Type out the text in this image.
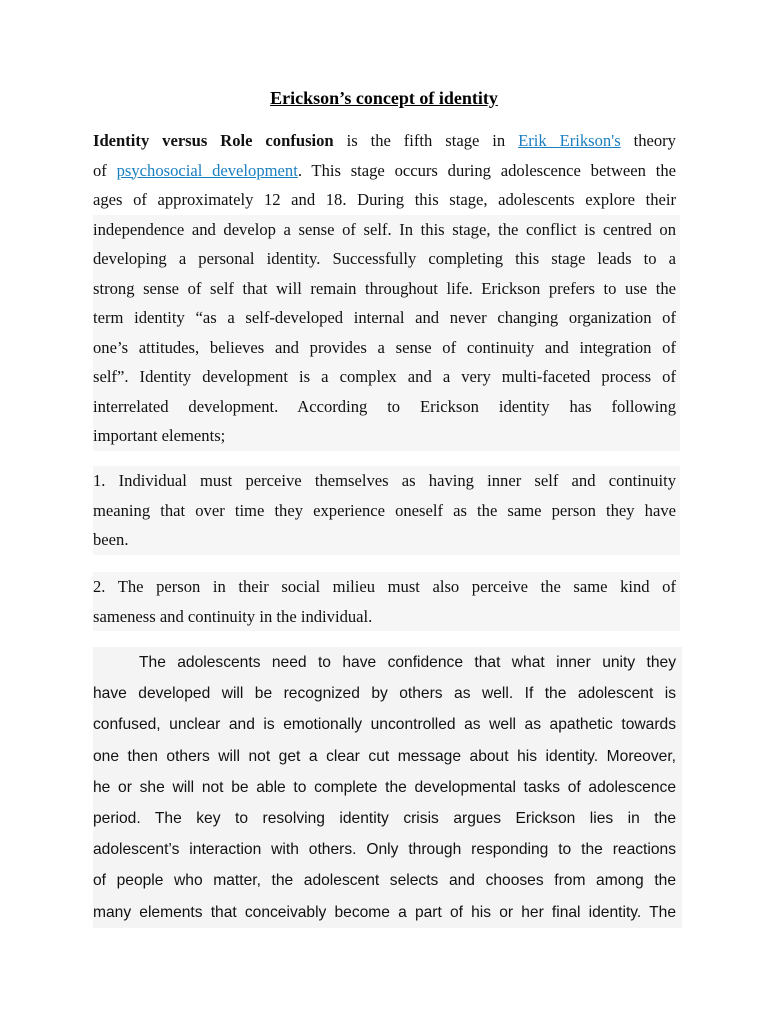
Erickson’s concept of identity
Identity versus Role confusion is the fifth stage in Erik Erikson's theory
of psychosocial development. This stage occurs during adolescence between the
ages of approximately 12 and 18. During this stage, adolescents explore their
independence and develop a sense of self. In this stage, the conflict is centred on
developing a personal identity. Successfully completing this stage leads to a
strong sense of self that will remain throughout life. Erickson prefers to use the
term identity “as a self-developed internal and never changing organization of
one’s attitudes, believes and provides a sense of continuity and integration of
self”. Identity development is a complex and a very multi-faceted process of
interrelated development. According to Erickson identity has following
important elements;
1. Individual must perceive themselves as having inner self and continuity
meaning that over time they experience oneself as the same person they have
been.
2. The person in their social milieu must also perceive the same kind of
sameness and continuity in the individual.
The adolescents need to have confidence that what inner unity they
have developed will be recognized by others as well. If the adolescent is
confused, unclear and is emotionally uncontrolled as well as apathetic towards
one then others will not get a clear cut message about his identity. Moreover,
he or she will not be able to complete the developmental tasks of adolescence
period. The key to resolving identity crisis argues Erickson lies in the
adolescent’s interaction with others. Only through responding to the reactions
of people who matter, the adolescent selects and chooses from among the
many elements that conceivably become a part of his or her final identity. The
